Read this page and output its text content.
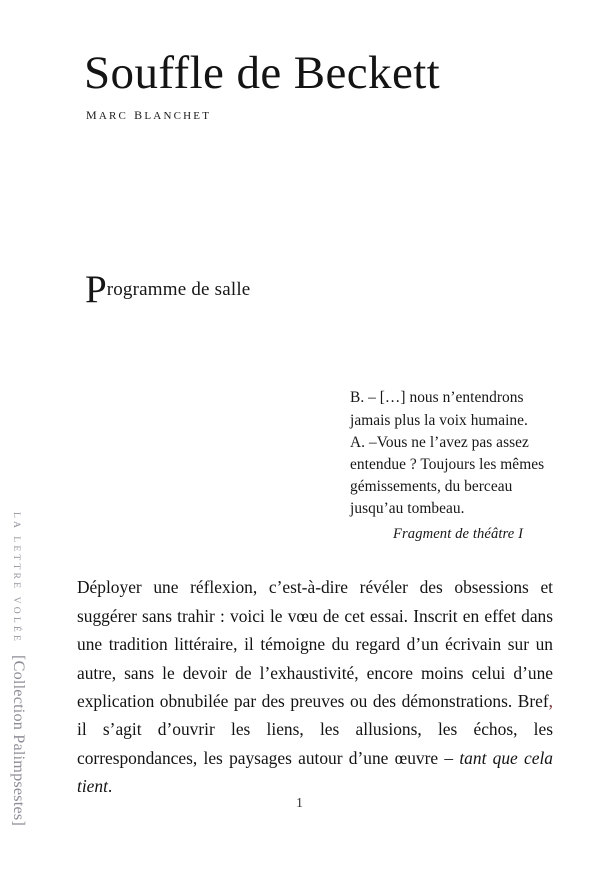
Souffle de Beckett
marc blanchet
Programme de salle
B. – […] nous n’entendrons
jamais plus la voix humaine.
A. –Vous ne l’avez pas assez
entendue ? Toujours les mêmes
gémissements, du berceau
jusqu’au tombeau.
Fragment de théâtre I

Déployer une réflexion, c’est-à-dire révéler des obsessions et suggérer sans trahir : voici le vœu de cet essai. Inscrit en effet dans une tradition littéraire, il témoigne du regard d’un écrivain sur un autre, sans le devoir de l’exhaustivité, encore moins celui d’une explication obnubilée par des preuves ou des démonstrations. Bref, il s’agit d’ouvrir les liens, les allusions, les échos, les correspondances, les paysages autour d’une œuvre – tant que cela tient.

1
LA LETTRE VOLÉE[Collection Palimpsestes]
